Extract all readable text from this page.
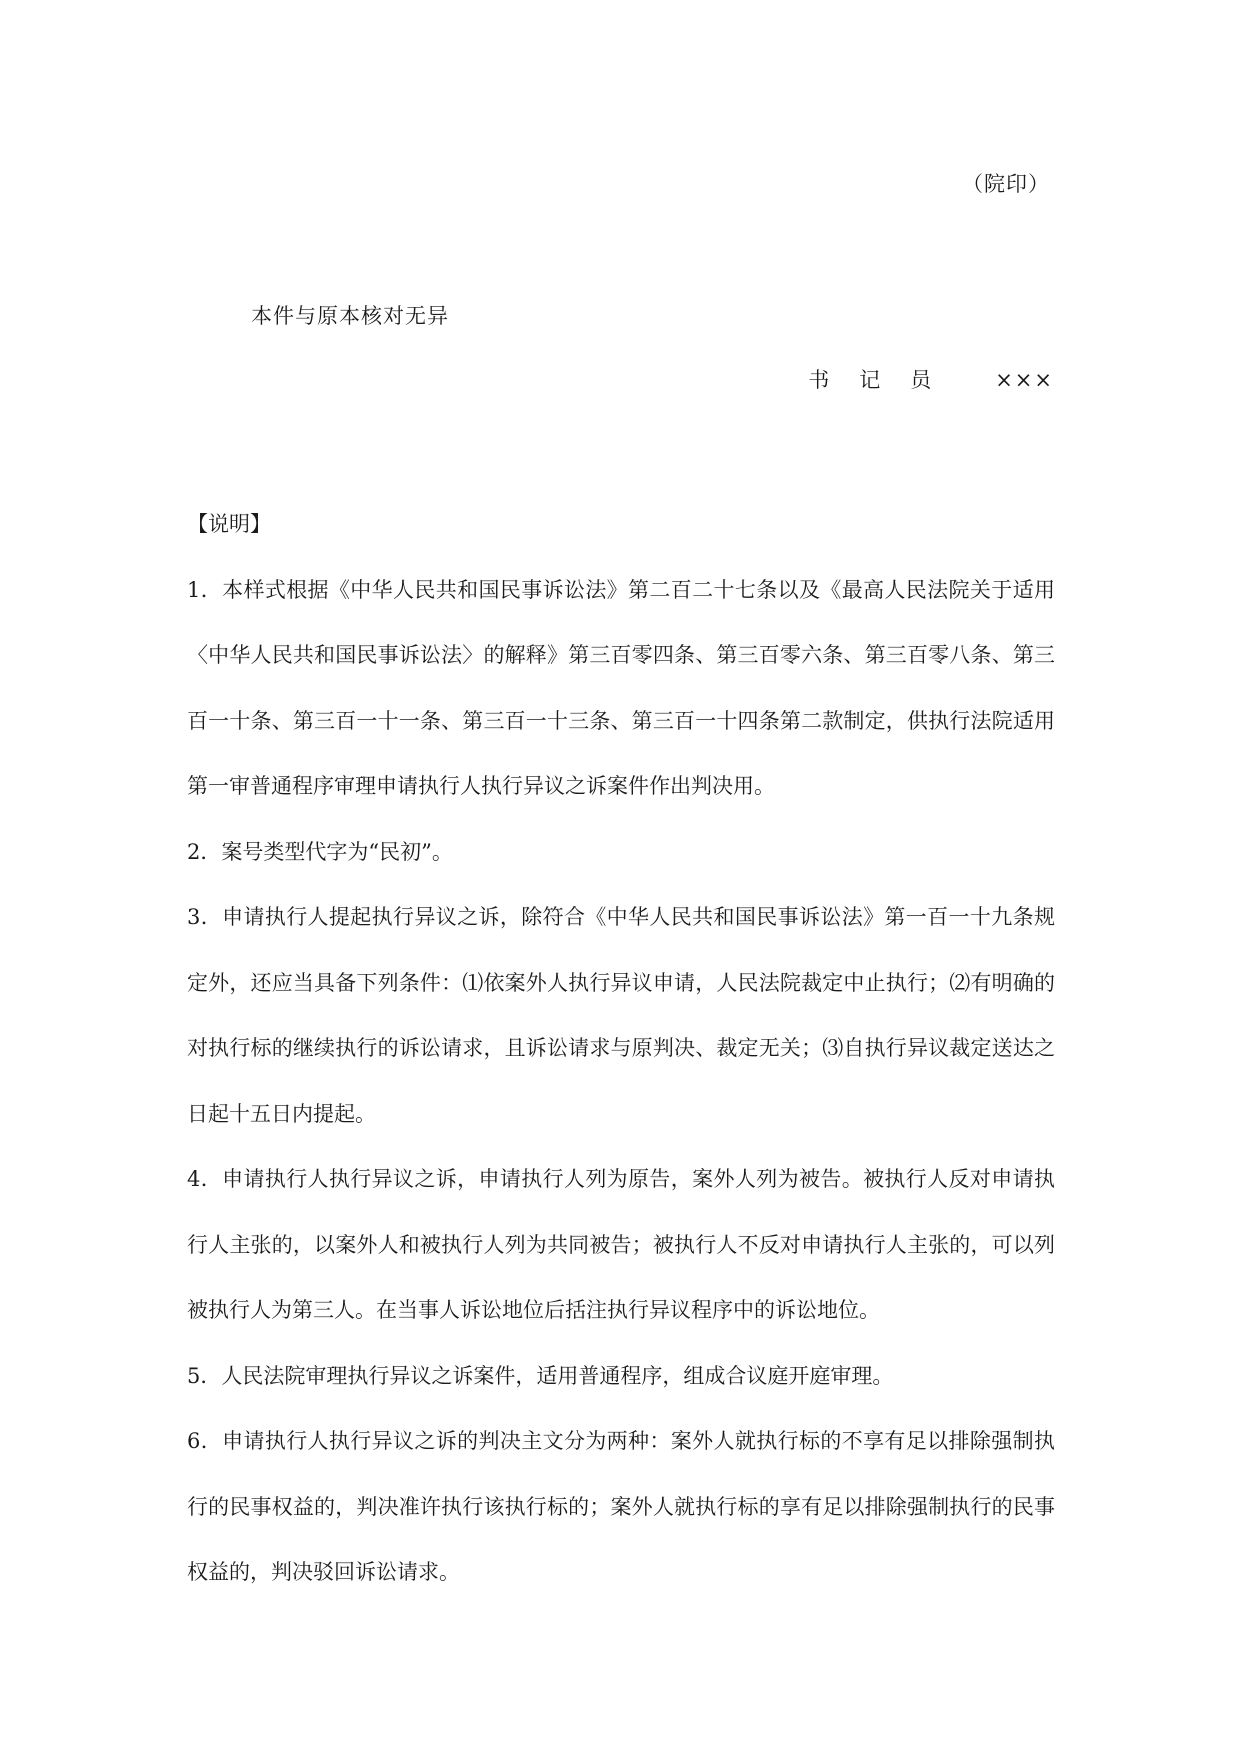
（院印）
本件与原本核对无异
书记员 ×××

【说明】

1．本样式根据《中华人民共和国民事诉讼法》第二百二十七条以及《最高人民法院关于适用〈中华人民共和国民事诉讼法〉的解释》第三百零四条、第三百零六条、第三百零八条、第三百一十条、第三百一十一条、第三百一十三条、第三百一十四条第二款制定，供执行法院适用第一审普通程序审理申请执行人执行异议之诉案件作出判决用。

2．案号类型代字为“民初”。

3．申请执行人提起执行异议之诉，除符合《中华人民共和国民事诉讼法》第一百一十九条规定外，还应当具备下列条件：⑴依案外人执行异议申请，人民法院裁定中止执行；⑵有明确的对执行标的继续执行的诉讼请求，且诉讼请求与原判决、裁定无关；⑶自执行异议裁定送达之日起十五日内提起。

4．申请执行人执行异议之诉，申请执行人列为原告，案外人列为被告。被执行人反对申请执行人主张的，以案外人和被执行人列为共同被告；被执行人不反对申请执行人主张的，可以列被执行人为第三人。在当事人诉讼地位后括注执行异议程序中的诉讼地位。

5．人民法院审理执行异议之诉案件，适用普通程序，组成合议庭开庭审理。

6．申请执行人执行异议之诉的判决主文分为两种：案外人就执行标的不享有足以排除强制执行的民事权益的，判决准许执行该执行标的；案外人就执行标的享有足以排除强制执行的民事权益的，判决驳回诉讼请求。
